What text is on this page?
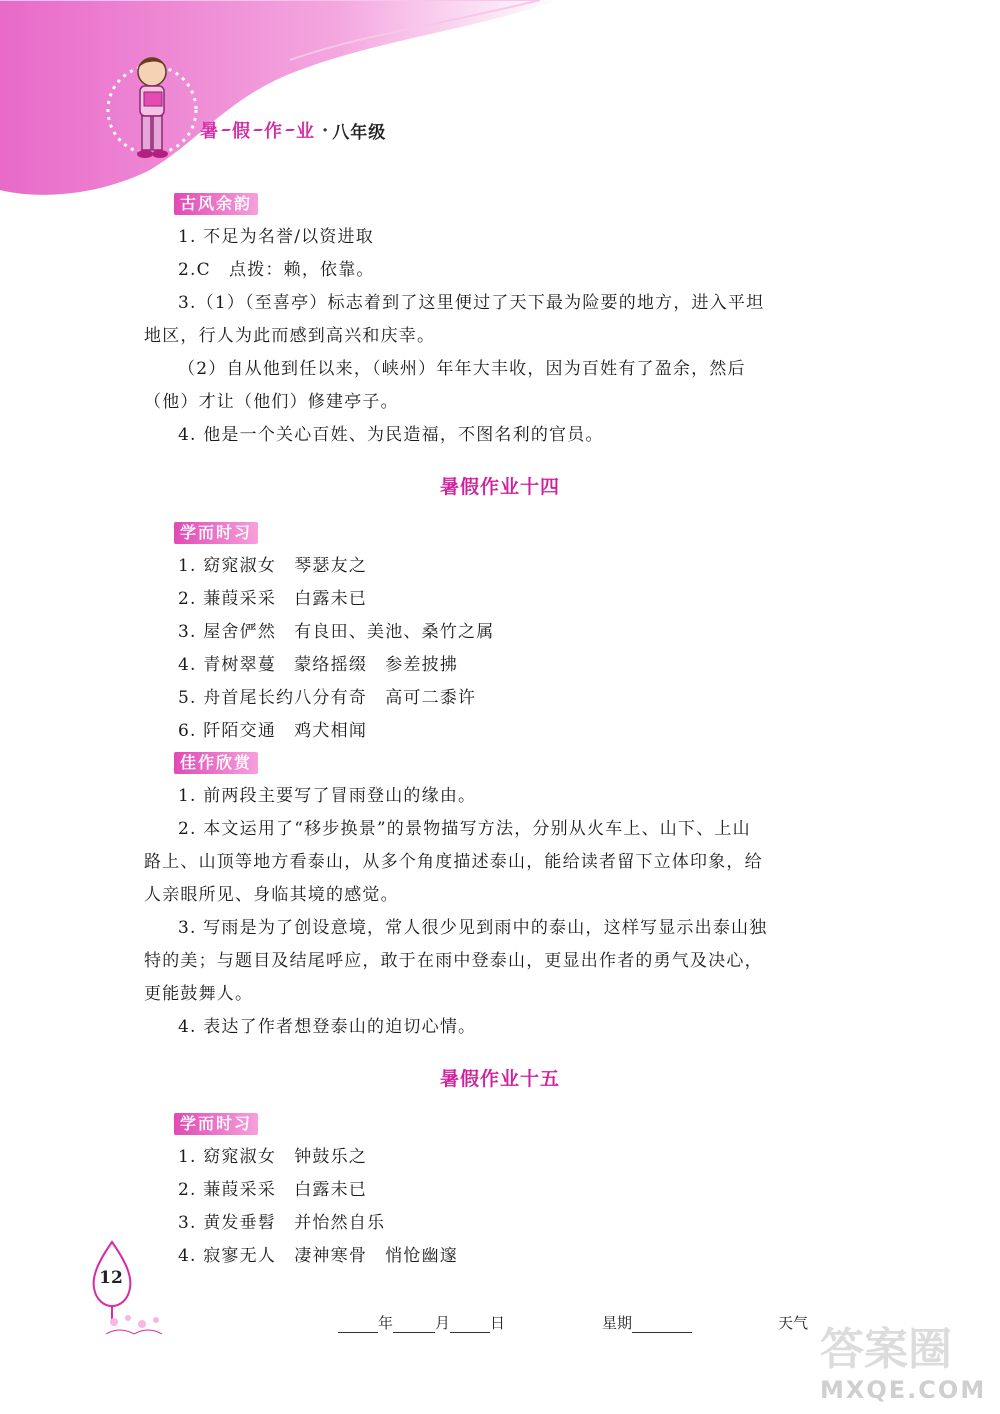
暑 假 作 业 · 八年级
古风余韵
1. 不足为名誉/以资进取
2.C　点拨：赖，依靠。
3.（1）（至喜亭）标志着到了这里便过了天下最为险要的地方，进入平坦
地区，行人为此而感到高兴和庆幸。
（2）自从他到任以来，（峡州）年年大丰收，因为百姓有了盈余，然后
（他）才让（他们）修建亭子。
4. 他是一个关心百姓、为民造福，不图名利的官员。
暑假作业十四
学而时习
1. 窈窕淑女　琴瑟友之
2. 蒹葭采采　白露未已
3. 屋舍俨然　有良田、美池、桑竹之属
4. 青树翠蔓　蒙络摇缀　参差披拂
5. 舟首尾长约八分有奇　高可二黍许
6. 阡陌交通　鸡犬相闻
佳作欣赏
1. 前两段主要写了冒雨登山的缘由。
2. 本文运用了“移步换景”的景物描写方法，分别从火车上、山下、上山
路上、山顶等地方看泰山，从多个角度描述泰山，能给读者留下立体印象，给
人亲眼所见、身临其境的感觉。
3. 写雨是为了创设意境，常人很少见到雨中的泰山，这样写显示出泰山独
特的美；与题目及结尾呼应，敢于在雨中登泰山，更显出作者的勇气及决心，
更能鼓舞人。
4. 表达了作者想登泰山的迫切心情。
暑假作业十五
学而时习
1. 窈窕淑女　钟鼓乐之
2. 蒹葭采采　白露未已
3. 黄发垂髫　并怡然自乐
4. 寂寥无人　凄神寒骨　悄怆幽邃
12
年	月	日	星期	天气
答案圈
MXQE.COM
